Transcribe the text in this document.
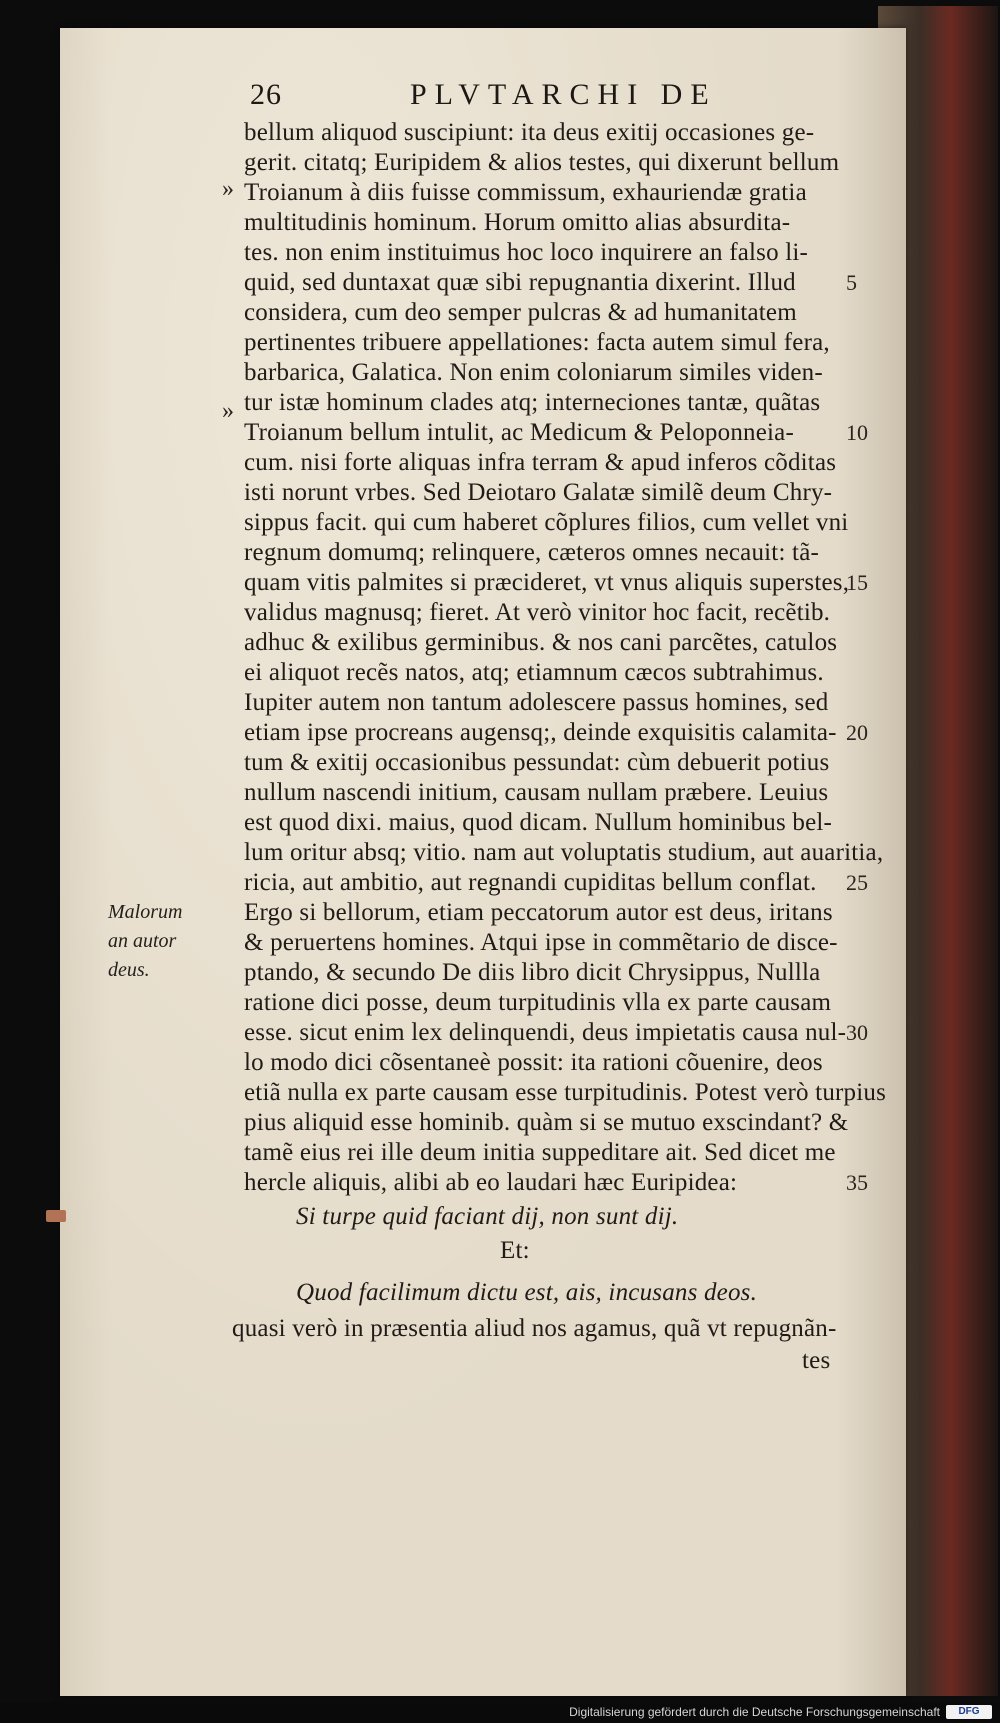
26	PLVTARCHI DE
»
»
Malorum
an autor
deus.
bellum aliquod suscipiunt: ita deus exitij occasiones ge-
gerit. citatq; Euripidem & alios testes, qui dixerunt bellum
Troianum à diis fuisse commissum, exhauriendæ gratia
multitudinis hominum. Horum omitto alias absurdita-
tes. non enim instituimus hoc loco inquirere an falso li-
quid, sed duntaxat quæ sibi repugnantia dixerint. Illud
considera, cum deo semper pulcras & ad humanitatem
pertinentes tribuere appellationes: facta autem simul fera,
barbarica, Galatica. Non enim coloniarum similes viden-
tur istæ hominum clades atq; interneciones tantæ, quãtas
Troianum bellum intulit, ac Medicum & Peloponneia-
cum. nisi forte aliquas infra terram & apud inferos cõditas
isti norunt vrbes. Sed Deiotaro Galatæ similẽ deum Chry-
sippus facit. qui cum haberet cõplures filios, cum vellet vni
regnum domumq; relinquere, cæteros omnes necauit: tã-
quam vitis palmites si præcideret, vt vnus aliquis superstes,
validus magnusq; fieret. At verò vinitor hoc facit, recẽtib.
adhuc & exilibus germinibus. & nos cani parcẽtes, catulos
ei aliquot recẽs natos, atq; etiamnum cæcos subtrahimus.
Iupiter autem non tantum adolescere passus homines, sed
etiam ipse procreans augensq;, deinde exquisitis calamita-
tum & exitij occasionibus pessundat: cùm debuerit potius
nullum nascendi initium, causam nullam præbere. Leuius
est quod dixi. maius, quod dicam. Nullum hominibus bel-
lum oritur absq; vitio. nam aut voluptatis studium, aut auaritia,
ricia, aut ambitio, aut regnandi cupiditas bellum conflat.
Ergo si bellorum, etiam peccatorum autor est deus, iritans
& peruertens homines. Atqui ipse in commẽtario de disce-
ptando, & secundo De diis libro dicit Chrysippus, Nullla
ratione dici posse, deum turpitudinis vlla ex parte causam
esse. sicut enim lex delinquendi, deus impietatis causa nul-
lo modo dici cõsentaneè possit: ita rationi cõuenire, deos
etiã nulla ex parte causam esse turpitudinis. Potest verò turpius
pius aliquid esse hominib. quàm si se mutuo exscindant? &
tamẽ eius rei ille deum initia suppeditare ait. Sed dicet me
hercle aliquis, alibi ab eo laudari hæc Euripidea:
Si turpe quid faciant dij, non sunt dij.
Et:
Quod facilimum dictu est, ais, incusans deos.
quasi verò in præsentia aliud nos agamus, quã vt repugnãn-
tes
5
10
15
20
25
30
35
Digitalisierung gefördert durch die Deutsche Forschungsgemeinschaft	DFG
